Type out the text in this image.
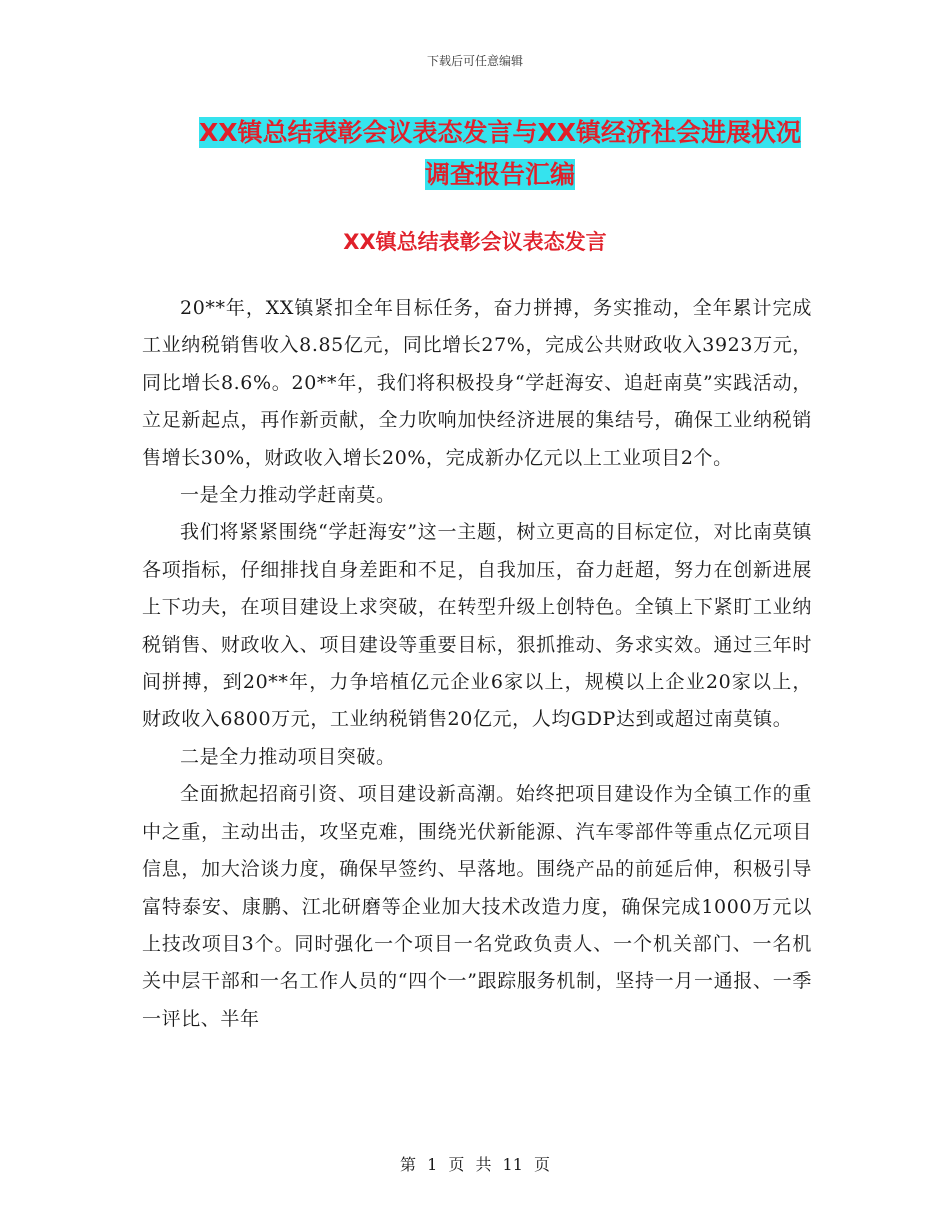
下载后可任意编辑
XX镇总结表彰会议表态发言与XX镇经济社会进展状况
调查报告汇编
XX镇总结表彰会议表态发言

20**年，XX镇紧扣全年目标任务，奋力拼搏，务实推动，全年累计完成工业纳税销售收入8.85亿元，同比增长27%，完成公共财政收入3923万元，同比增长8.6%。20**年，我们将积极投身“学赶海安、追赶南莫”实践活动，立足新起点，再作新贡献，全力吹响加快经济进展的集结号，确保工业纳税销售增长30%，财政收入增长20%，完成新办亿元以上工业项目2个。

一是全力推动学赶南莫。

我们将紧紧围绕“学赶海安”这一主题，树立更高的目标定位，对比南莫镇各项指标，仔细排找自身差距和不足，自我加压，奋力赶超，努力在创新进展上下功夫，在项目建设上求突破，在转型升级上创特色。全镇上下紧盯工业纳税销售、财政收入、项目建设等重要目标，狠抓推动、务求实效。通过三年时间拼搏，到20**年，力争培植亿元企业6家以上，规模以上企业20家以上，财政收入6800万元，工业纳税销售20亿元，人均GDP达到或超过南莫镇。

二是全力推动项目突破。

全面掀起招商引资、项目建设新高潮。始终把项目建设作为全镇工作的重中之重，主动出击，攻坚克难，围绕光伏新能源、汽车零部件等重点亿元项目信息，加大洽谈力度，确保早签约、早落地。围绕产品的前延后伸，积极引导富特泰安、康鹏、江北研磨等企业加大技术改造力度，确保完成1000万元以上技改项目3个。同时强化一个项目一名党政负责人、一个机关部门、一名机关中层干部和一名工作人员的“四个一”跟踪服务机制，坚持一月一通报、一季一评比、半年

第 1 页 共 11 页
